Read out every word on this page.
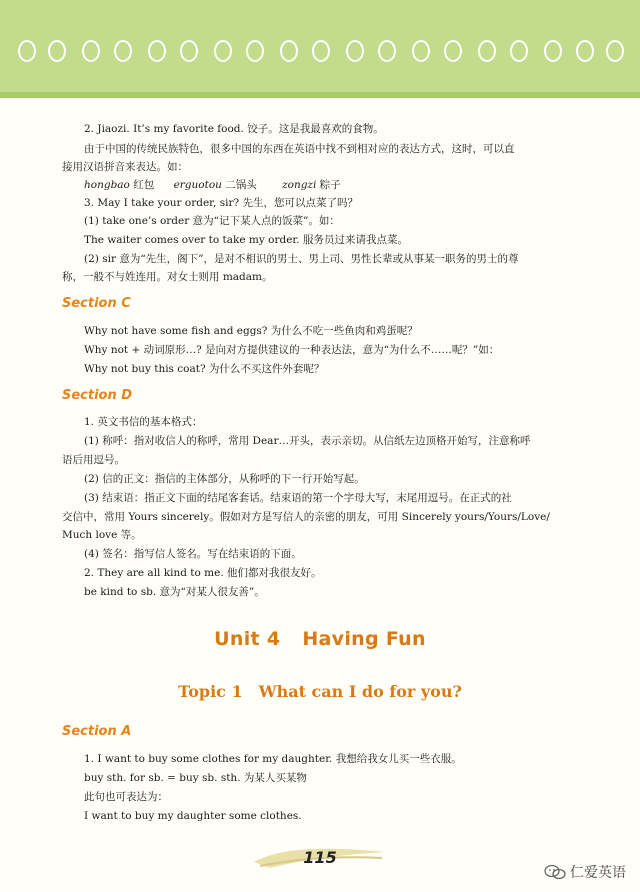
2. Jiaozi. It’s my favorite food. 饺子。这是我最喜欢的食物。
由于中国的传统民族特色，很多中国的东西在英语中找不到相对应的表达方式，这时，可以直
接用汉语拼音来表达。如：
hongbao 红包 erguotou 二锅头 zongzi 粽子
3. May I take your order, sir? 先生，您可以点菜了吗？
(1) take one’s order 意为“记下某人点的饭菜”。如：
The waiter comes over to take my order. 服务员过来请我点菜。
(2) sir 意为“先生，阁下”，是对不相识的男士、男上司、男性长辈或从事某一职务的男士的尊
称，一般不与姓连用。对女士则用 madam。
Section C
Why not have some fish and eggs? 为什么不吃一些鱼肉和鸡蛋呢？
Why not + 动词原形…? 是向对方提供建议的一种表达法，意为“为什么不……呢？”如：
Why not buy this coat? 为什么不买这件外套呢？
Section D
1. 英文书信的基本格式：
(1) 称呼：指对收信人的称呼，常用 Dear…开头，表示亲切。从信纸左边顶格开始写，注意称呼
语后用逗号。
(2) 信的正文：指信的主体部分，从称呼的下一行开始写起。
(3) 结束语：指正文下面的结尾客套话。结束语的第一个字母大写，末尾用逗号。在正式的社
交信中，常用 Yours sincerely。假如对方是写信人的亲密的朋友，可用 Sincerely yours/Yours/Love/
Much love 等。
(4) 签名：指写信人签名。写在结束语的下面。
2. They are all kind to me. 他们都对我很友好。
be kind to sb. 意为“对某人很友善”。
Unit 4 Having Fun
Topic 1 What can I do for you?
Section A
1. I want to buy some clothes for my daughter. 我想给我女儿买一些衣服。
buy sth. for sb. = buy sb. sth. 为某人买某物
此句也可表达为：
I want to buy my daughter some clothes.
115
仁爱英语
